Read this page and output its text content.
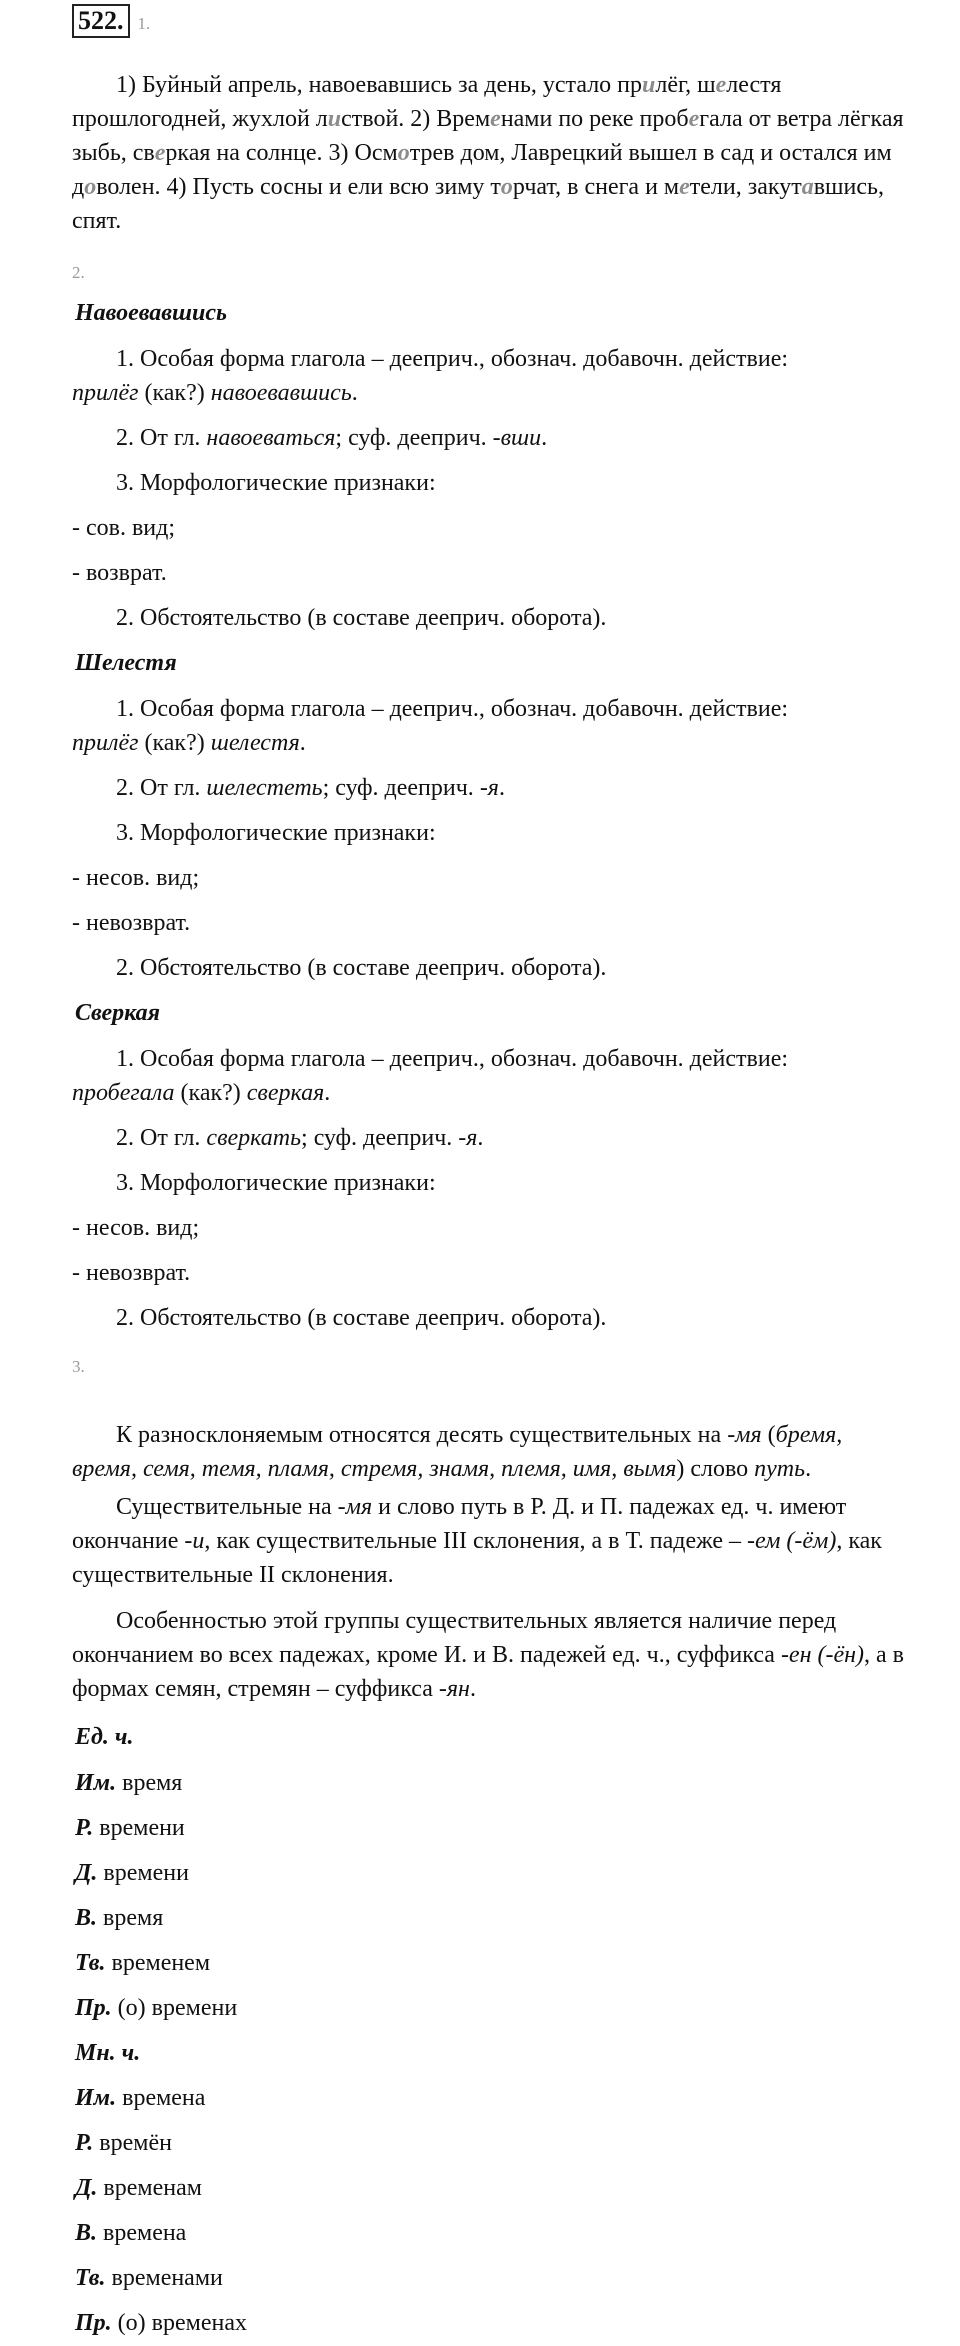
522. 1.

1) Буйный апрель, навоевавшись за день, устало прилёг, шелестя прошлогодней, жухлой листвой. 2) Временами по реке пробегала от ветра лёгкая зыбь, сверкая на солнце. 3) Осмотрев дом, Лаврецкий вышел в сад и остался им доволен. 4) Пусть сосны и ели всю зиму торчат, в снега и метели, закутавшись, спят.

2.
Навоевавшись
1. Особая форма глагола – дееприч., обознач. добавочн. действие:
прилёг (как?) навоевавшись.
2. От гл. навоеваться; суф. дееприч. -вши.
3. Морфологические признаки:
- сов. вид;
- возврат.
2. Обстоятельство (в составе дееприч. оборота).
Шелестя
1. Особая форма глагола – дееприч., обознач. добавочн. действие:
прилёг (как?) шелестя.
2. От гл. шелестеть; суф. дееприч. -я.
3. Морфологические признаки:
- несов. вид;
- невозврат.
2. Обстоятельство (в составе дееприч. оборота).
Сверкая
1. Особая форма глагола – дееприч., обознач. добавочн. действие:
пробегала (как?) сверкая.
2. От гл. сверкать; суф. дееприч. -я.
3. Морфологические признаки:
- несов. вид;
- невозврат.
2. Обстоятельство (в составе дееприч. оборота).
3.

К разносклоняемым относятся десять существительных на -мя (бремя, время, семя, темя, пламя, стремя, знамя, племя, имя, вымя) слово путь.

Существительные на -мя и слово путь в Р. Д. и П. падежах ед. ч. имеют окончание -и, как существительные III склонения, а в Т. падеже – -ем (-ём), как существительные II склонения.

Особенностью этой группы существительных является наличие перед окончанием во всех падежах, кроме И. и В. падежей ед. ч., суффикса -ен (-ён), а в формах семян, стремян – суффикса -ян.

Ед. ч.
Им. время
Р. времени
Д. времени
В. время
Тв. временем
Пр. (о) времени
Мн. ч.
Им. времена
Р. времён
Д. временам
В. времена
Тв. временами
Пр. (о) временах
